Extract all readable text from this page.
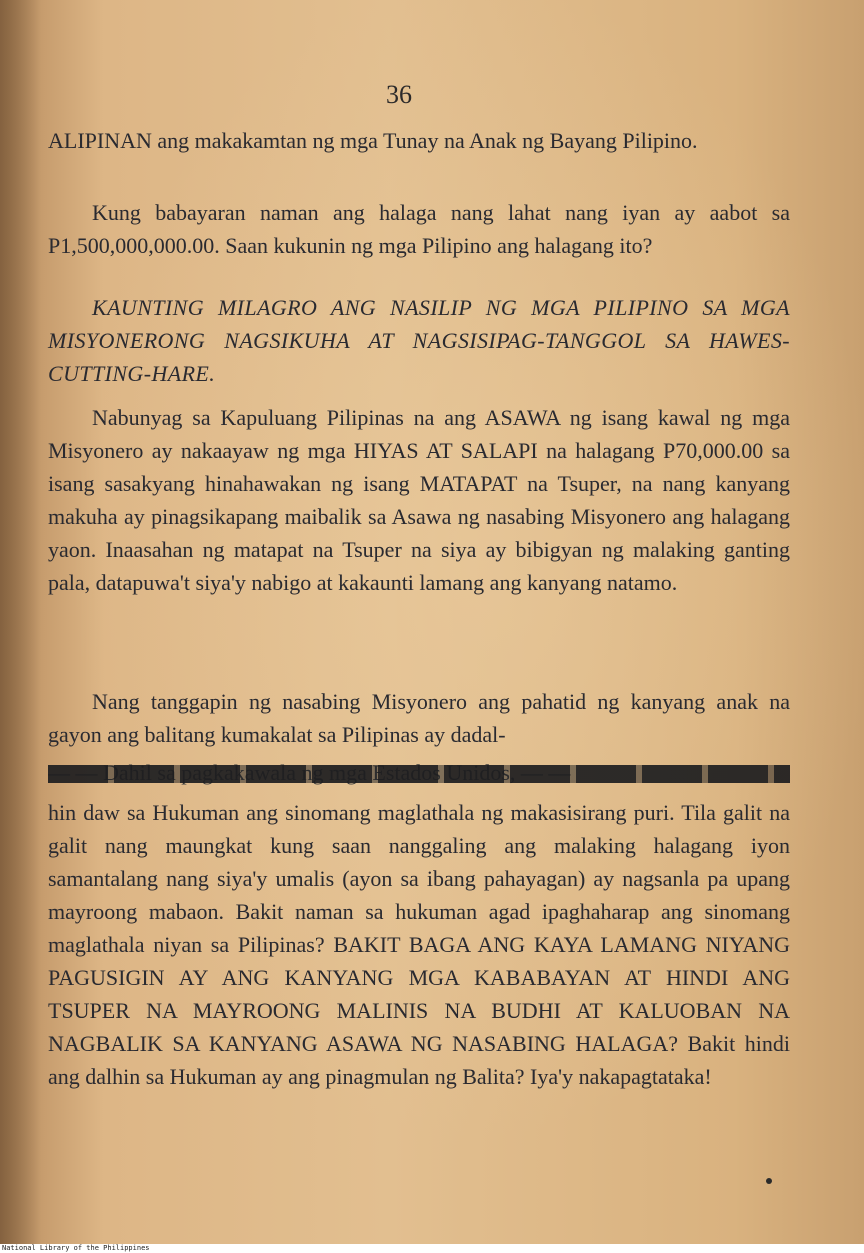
36

ALIPINAN ang makakamtan ng mga Tunay na Anak ng Bayang Pilipino.

Kung babayaran naman ang halaga nang lahat nang iyan ay aabot sa P1,500,000,000.00. Saan kukunin ng mga Pilipino ang halagang ito?

KAUNTING MILAGRO ANG NASILIP NG MGA PILIPINO SA MGA MISYONERONG NAGSIKUHA AT NAGSISIPAG-TANGGOL SA HAWES-CUTTING-HARE.

Nabunyag sa Kapuluang Pilipinas na ang ASAWA ng isang kawal ng mga Misyonero ay nakaayaw ng mga HIYAS AT SALAPI na halagang P70,000.00 sa isang sasakyang hinahawakan ng isang MATAPAT na Tsuper, na nang kanyang makuha ay pinagsikapang maibalik sa Asawa ng nasabing Misyonero ang halagang yaon. Inaasahan ng matapat na Tsuper na siya ay bibigyan ng malaking ganting pala, datapuwa't siya'y nabigo at kakaunti lamang ang kanyang natamo.

Nang tanggapin ng nasabing Misyonero ang pahatid ng kanyang anak na gayon ang balitang kumakalat sa Pilipinas ay dadal-

hin daw sa Hukuman ang sinomang maglathala ng makasisirang puri. Tila galit na galit nang maungkat kung saan nanggaling ang malaking halagang iyon samantalang nang siya'y umalis (ayon sa ibang pahayagan) ay nagsanla pa upang mayroong mabaon. Bakit naman sa hukuman agad ipaghaharap ang sinomang maglathala niyan sa Pilipinas? BAKIT BAGA ANG KAYA LAMANG NIYANG PAGUSIGIN AY ANG KANYANG MGA KABABAYAN AT HINDI ANG TSUPER NA MAYROONG MALINIS NA BUDHI AT KALUOBAN NA NAGBALIK SA KANYANG ASAWA NG NASABING HALAGA? Bakit hindi ang dalhin sa Hukuman ay ang pinagmulan ng Balita? Iya'y nakapagtataka!

National Library of the Philippines
